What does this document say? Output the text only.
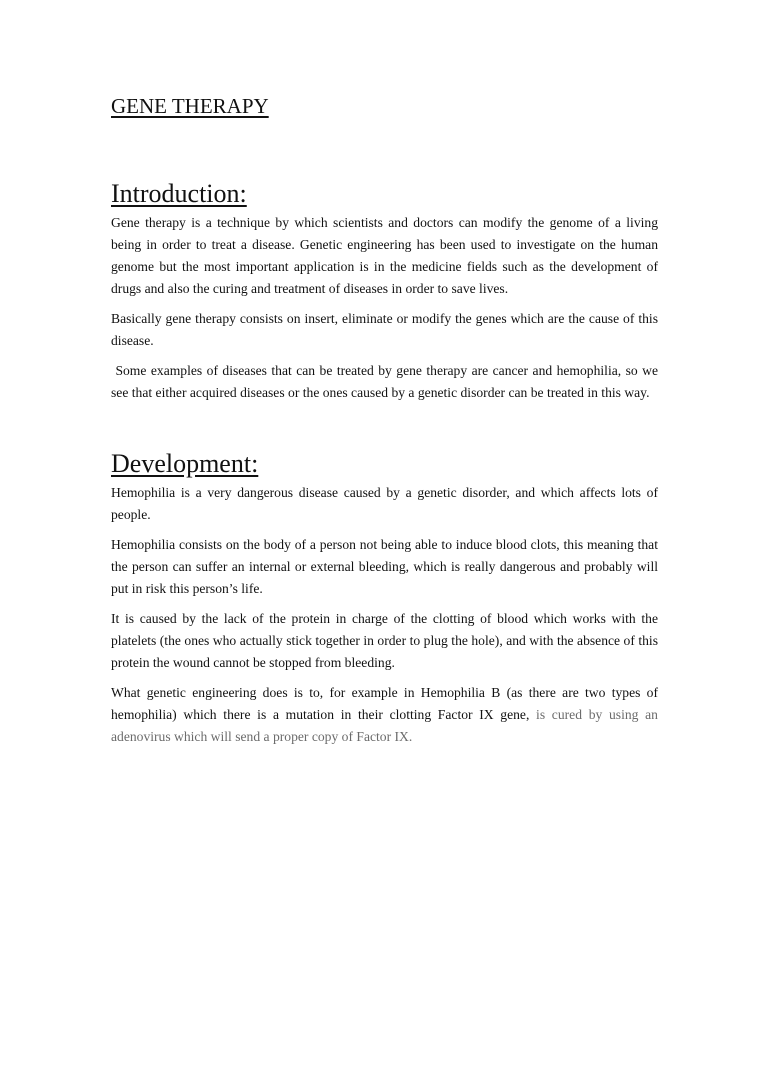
GENE THERAPY
Introduction:

Gene therapy is a technique by which scientists and doctors can modify the genome of a living being in order to treat a disease. Genetic engineering has been used to investigate on the human genome but the most important application is in the medicine fields such as the development of drugs and also the curing and treatment of diseases in order to save lives.

Basically gene therapy consists on insert, eliminate or modify the genes which are the cause of this disease.

Some examples of diseases that can be treated by gene therapy are cancer and hemophilia, so we see that either acquired diseases or the ones caused by a genetic disorder can be treated in this way.

Development:

Hemophilia is a very dangerous disease caused by a genetic disorder, and which affects lots of people.

Hemophilia consists on the body of a person not being able to induce blood clots, this meaning that the person can suffer an internal or external bleeding, which is really dangerous and probably will put in risk this person’s life.

It is caused by the lack of the protein in charge of the clotting of blood which works with the platelets (the ones who actually stick together in order to plug the hole), and with the absence of this protein the wound cannot be stopped from bleeding.

What genetic engineering does is to, for example in Hemophilia B (as there are two types of hemophilia) which there is a mutation in their clotting Factor IX gene, is cured by using an adenovirus which will send a proper copy of Factor IX.
